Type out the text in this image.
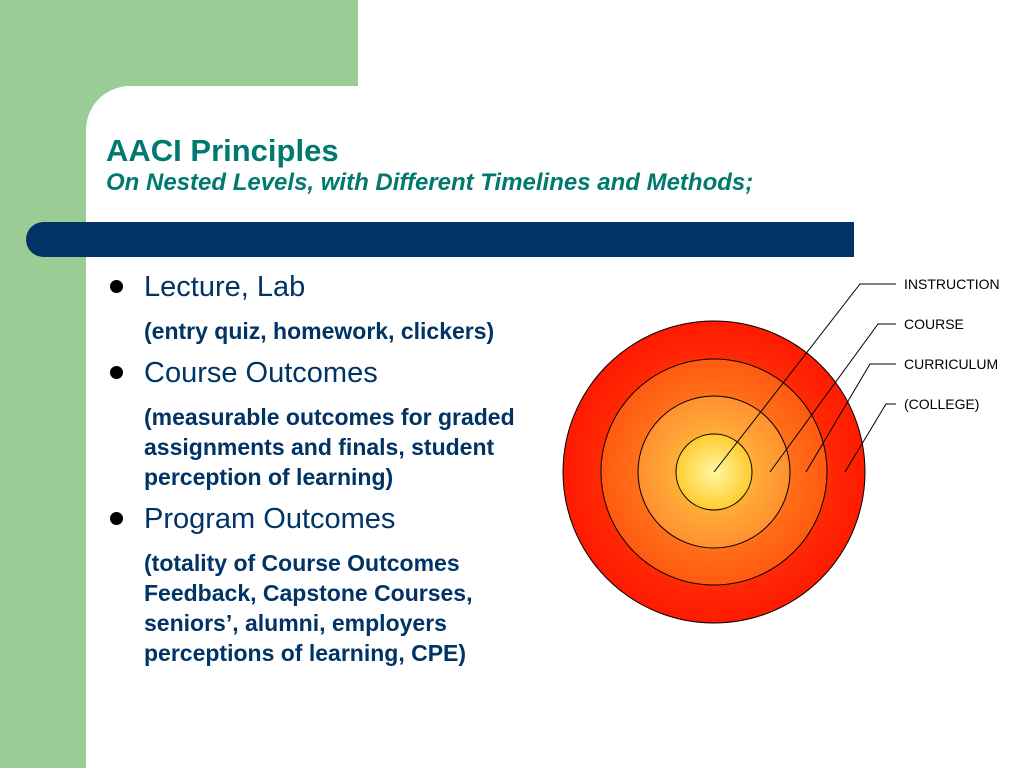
AACI Principles
On Nested Levels, with Different Timelines and Methods;
Lecture, Lab
(entry quiz, homework, clickers)
Course Outcomes
(measurable outcomes for graded assignments and finals, student perception of learning)
Program Outcomes
(totality of Course Outcomes Feedback, Capstone Courses, seniors’, alumni, employers perceptions of learning, CPE)
INSTRUCTION
COURSE
CURRICULUM
(COLLEGE)
